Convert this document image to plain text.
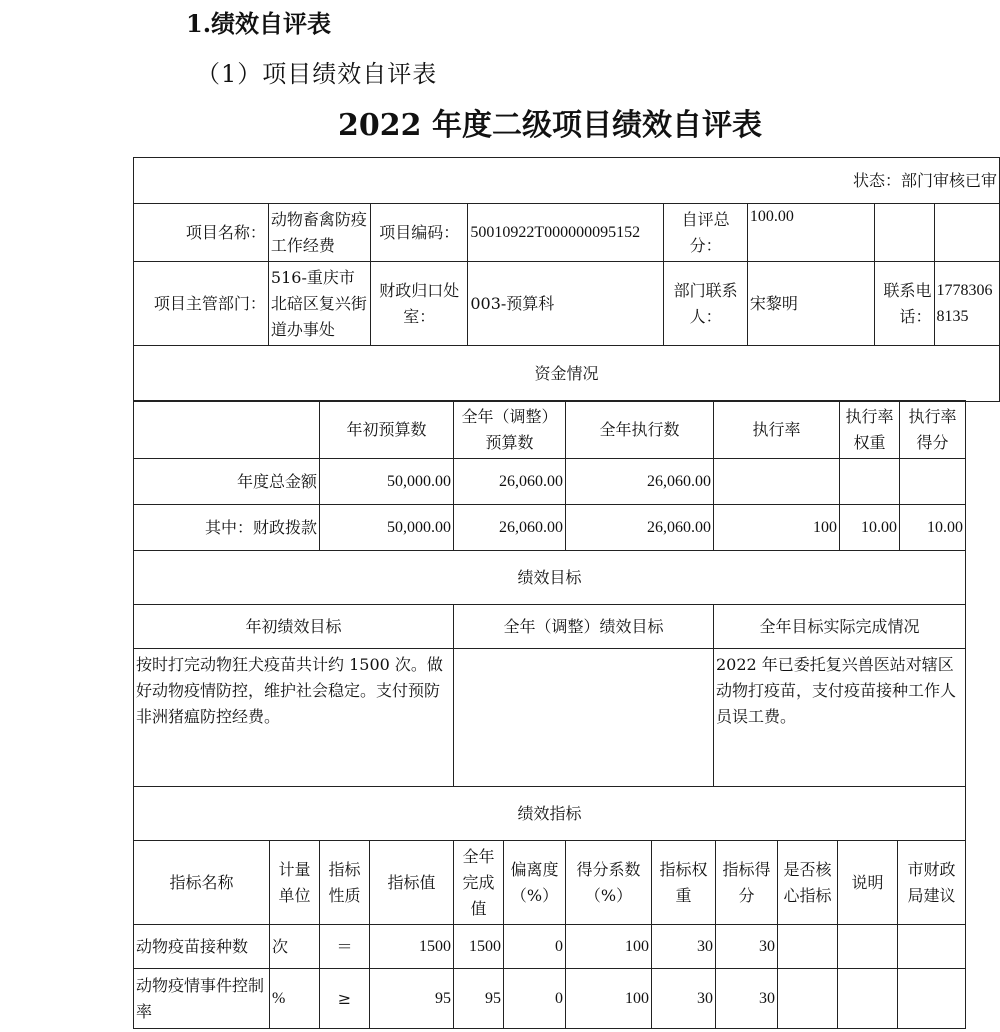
1.绩效自评表
（1）项目绩效自评表
2022 年度二级项目绩效自评表
状态：部门审核已审							
项目名称：	动物畜禽防疫工作经费	项目编码：	50010922T000000095152	自评总分：	100.00		
项目主管部门：	516-重庆市北碚区复兴街道办事处	财政归口处室：	003-预算科	部门联系人：	宋黎明	联系电话：	17783068135
资金情况							
	年初预算数	全年（调整）预算数	全年执行数	执行率	执行率权重	执行率得分
年度总金额	50,000.00	26,060.00	26,060.00			
其中：财政拨款	50,000.00	26,060.00	26,060.00	100	10.00	10.00
绩效目标						
年初绩效目标	全年（调整）绩效目标	全年目标实际完成情况
按时打完动物狂犬疫苗共计约 1500 次。做好动物疫情防控，维护社会稳定。支付预防非洲猪瘟防控经费。		2022 年已委托复兴兽医站对辖区动物打疫苗，支付疫苗接种工作人员误工费。
绩效指标		
指标名称	计量单位	指标性质	指标值	全年完成值	偏离度（%）	得分系数（%）	指标权重	指标得分	是否核心指标	说明	市财政局建议
动物疫苗接种数	次	＝	1500	1500	0	100	30	30			
动物疫情事件控制率	%	≥	95	95	0	100	30	30			
